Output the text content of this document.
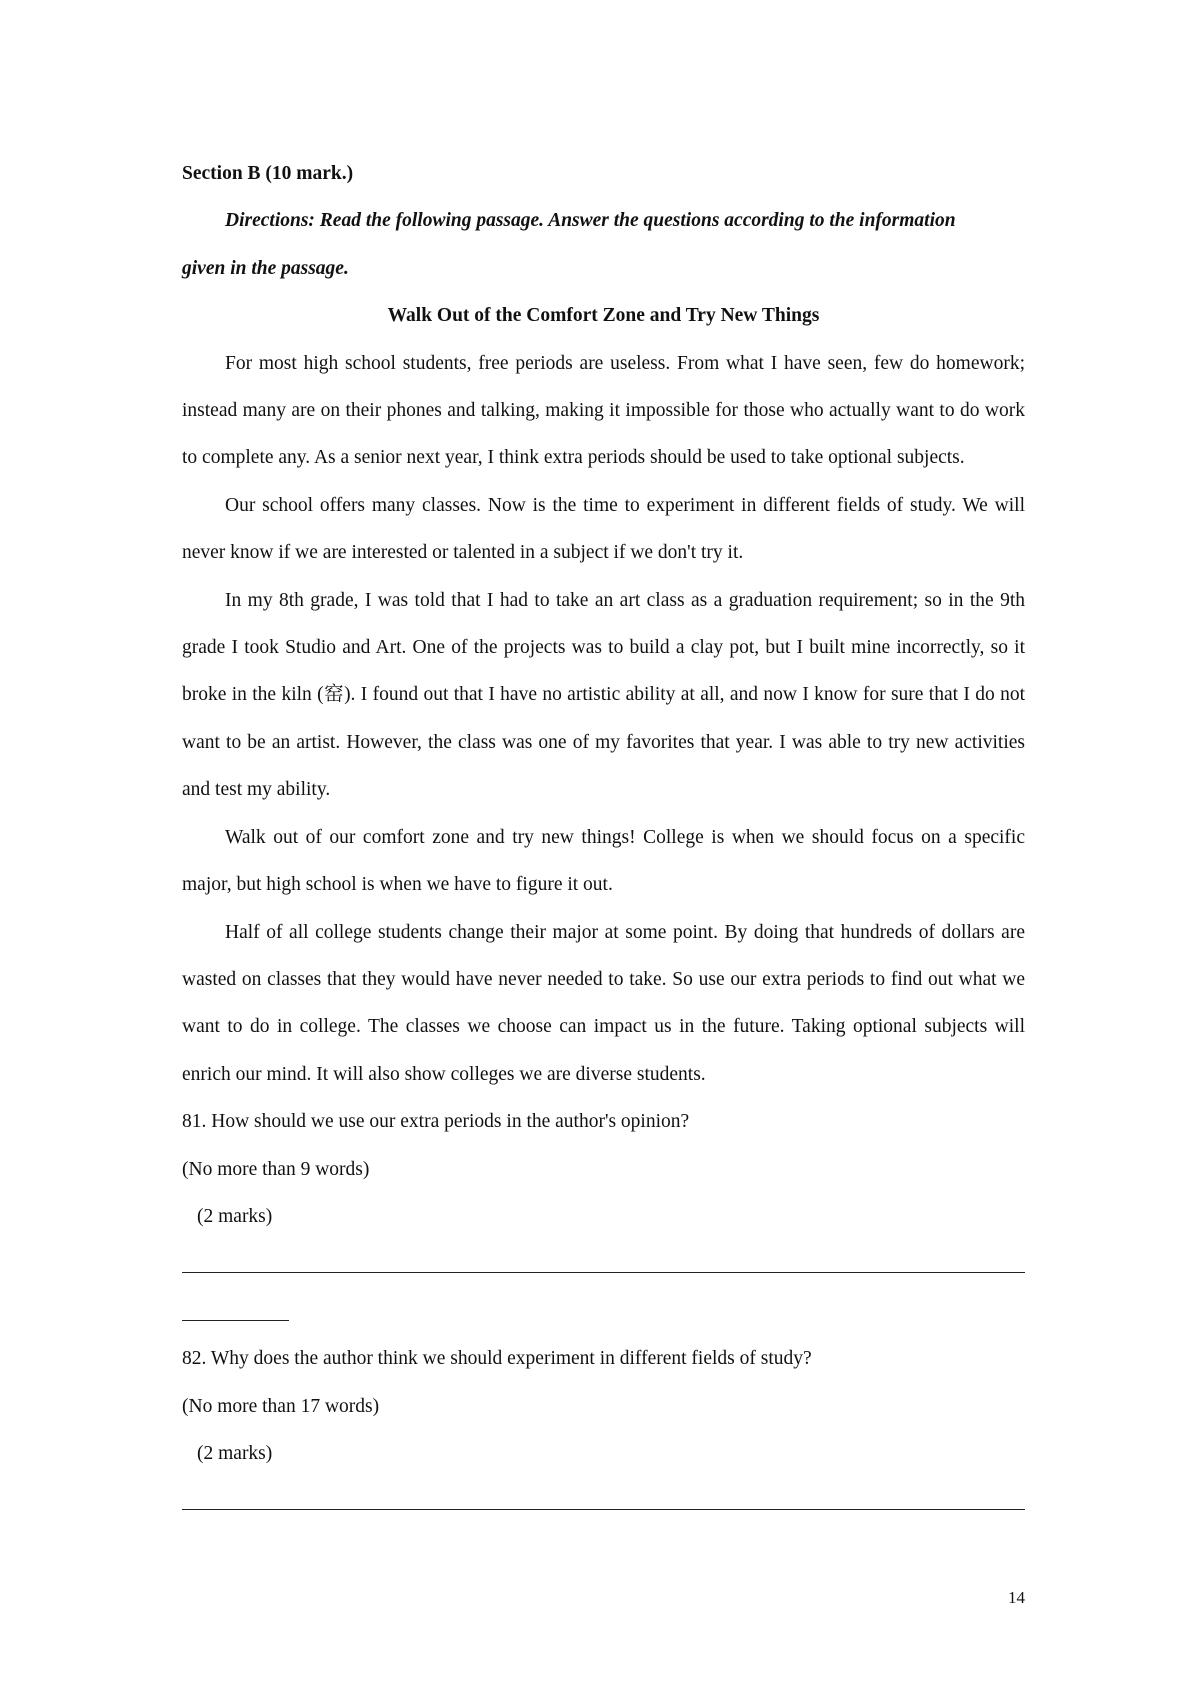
Section B (10 mark.)
Directions: Read the following passage. Answer the questions according to the information
given in the passage.
Walk Out of the Comfort Zone and Try New Things

For most high school students, free periods are useless. From what I have seen, few do homework; instead many are on their phones and talking, making it impossible for those who actually want to do work to complete any. As a senior next year, I think extra periods should be used to take optional subjects.

Our school offers many classes. Now is the time to experiment in different fields of study. We will never know if we are interested or talented in a subject if we don't try it.

In my 8th grade, I was told that I had to take an art class as a graduation requirement; so in the 9th grade I took Studio and Art. One of the projects was to build a clay pot, but I built mine incorrectly, so it broke in the kiln (窑). I found out that I have no artistic ability at all, and now I know for sure that I do not want to be an artist. However, the class was one of my favorites that year. I was able to try new activities and test my ability.

Walk out of our comfort zone and try new things! College is when we should focus on a specific major, but high school is when we have to figure it out.

Half of all college students change their major at some point. By doing that hundreds of dollars are wasted on classes that they would have never needed to take. So use our extra periods to find out what we want to do in college. The classes we choose can impact us in the future. Taking optional subjects will enrich our mind. It will also show colleges we are diverse students.

81. How should we use our extra periods in the author's opinion?
(No more than 9 words)
(2 marks)
82. Why does the author think we should experiment in different fields of study?
(No more than 17 words)
(2 marks)
14
